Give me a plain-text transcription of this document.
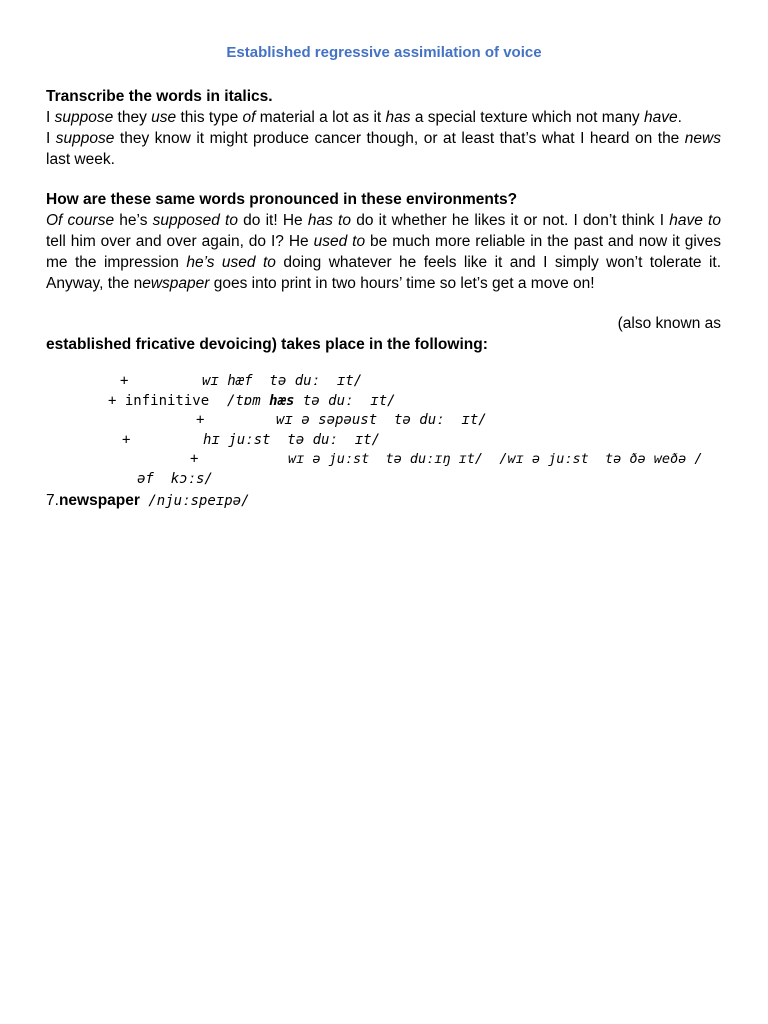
Established regressive assimilation of voice
Transcribe the words in italics.
I suppose they use this type of material a lot as it has a special texture which not many have.
I suppose they know it might produce cancer though, or at least that’s what I heard on the news last week.
How are these same words pronounced in these environments?
Of course he’s supposed to do it! He has to do it whether he likes it or not. I don’t think I have to tell him over and over again, do I? He used to be much more reliable in the past and now it gives me the impression he’s used to doing whatever he feels like it and I simply won’t tolerate it. Anyway, the newspaper goes into print in two hours’ time so let’s get a move on!
(also known as
established fricative devoicing) takes place in the following:
+	wɪ hæf  tə duː  ɪt/
+ infinitive /tɒm hæs tə duː  ɪt/
+	wɪ ə səpəust  tə duː  ɪt/
+	hɪ juːst  tə duː  ɪt/
+	wɪ ə juːst  tə duːɪŋ ɪt/  /wɪ ə juːst  tə ðə weðə /
əf  kɔːs/
7.newspaper /njuːspeɪpə/
